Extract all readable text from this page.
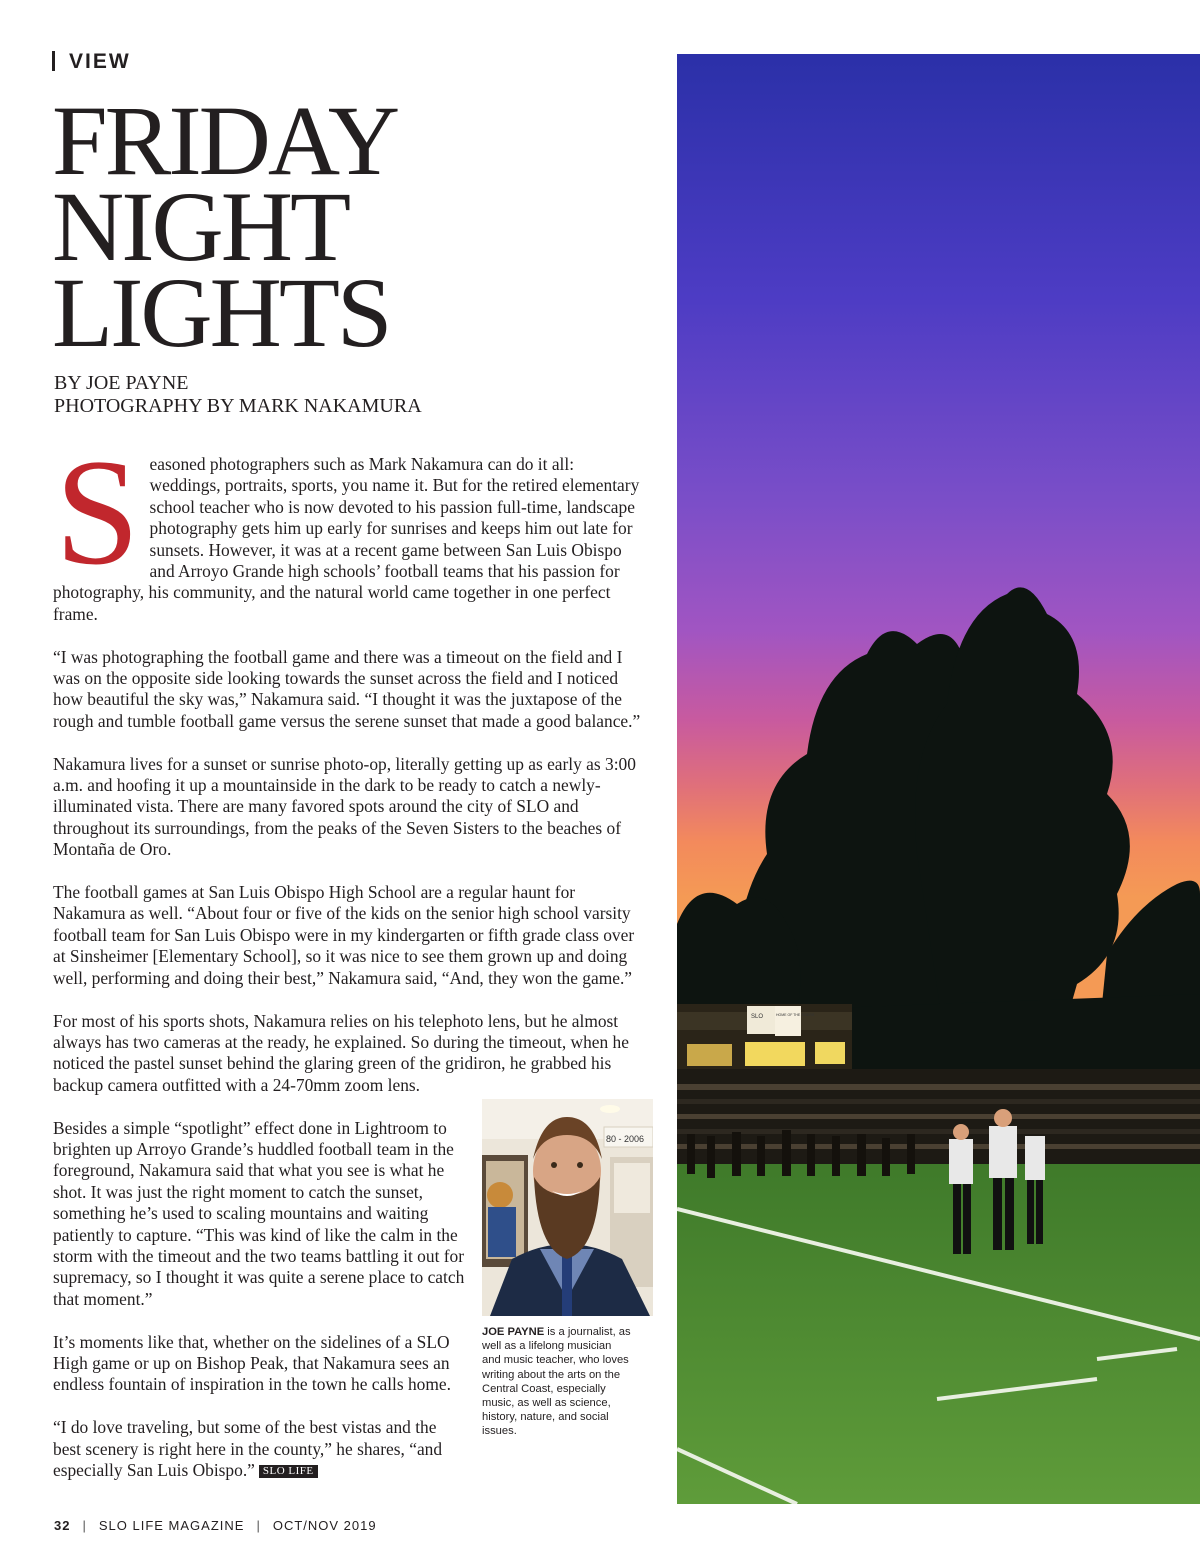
VIEW
FRIDAY
NIGHT
LIGHTS
BY JOE PAYNE
PHOTOGRAPHY BY MARK NAKAMURA

Seasoned photographers such as Mark Nakamura can do it all: weddings, portraits, sports, you name it. But for the retired elementary school teacher who is now devoted to his passion full-time, landscape photography gets him up early for sunrises and keeps him out late for sunsets. However, it was at a recent game between San Luis Obispo and Arroyo Grande high schools’ football teams that his passion for photography, his community, and the natural world came together in one perfect frame.

“I was photographing the football game and there was a timeout on the field and I was on the opposite side looking towards the sunset across the field and I noticed how beautiful the sky was,” Nakamura said. “I thought it was the juxtapose of the rough and tumble football game versus the serene sunset that made a good balance.”

Nakamura lives for a sunset or sunrise photo-op, literally getting up as early as 3:00 a.m. and hoofing it up a mountainside in the dark to be ready to catch a newly-illuminated vista. There are many favored spots around the city of SLO and throughout its surroundings, from the peaks of the Seven Sisters to the beaches of Montaña de Oro.

The football games at San Luis Obispo High School are a regular haunt for Nakamura as well. “About four or five of the kids on the senior high school varsity football team for San Luis Obispo were in my kindergarten or fifth grade class over at Sinsheimer [Elementary School], so it was nice to see them grown up and doing well, performing and doing their best,” Nakamura said, “And, they won the game.”

For most of his sports shots, Nakamura relies on his telephoto lens, but he almost always has two cameras at the ready, he explained. So during the timeout, when he noticed the pastel sunset behind the glaring green of the gridiron, he grabbed his backup camera outfitted with a 24-70mm zoom lens.

Besides a simple “spotlight” effect done in Lightroom to brighten up Arroyo Grande’s huddled football team in the foreground, Nakamura said that what you see is what he shot. It was just the right moment to catch the sunset, something he’s used to scaling mountains and waiting patiently to capture. “This was kind of like the calm in the storm with the timeout and the two teams battling it out for supremacy, so I thought it was quite a serene place to catch that moment.”

It’s moments like that, whether on the sidelines of a SLO High game or up on Bishop Peak, that Nakamura sees an endless fountain of inspiration in the town he calls home.

“I do love traveling, but some of the best vistas and the best scenery is right here in the county,” he shares, “and especially San Luis Obispo.” SLO LIFE

80 - 2006
JOE PAYNE is a journalist, as well as a lifelong musician and music teacher, who loves writing about the arts on the Central Coast, especially music, as well as science, history, nature, and social issues.
SLO	HOME OF THE TIGERS
32 | SLO LIFE MAGAZINE | OCT/NOV 2019
